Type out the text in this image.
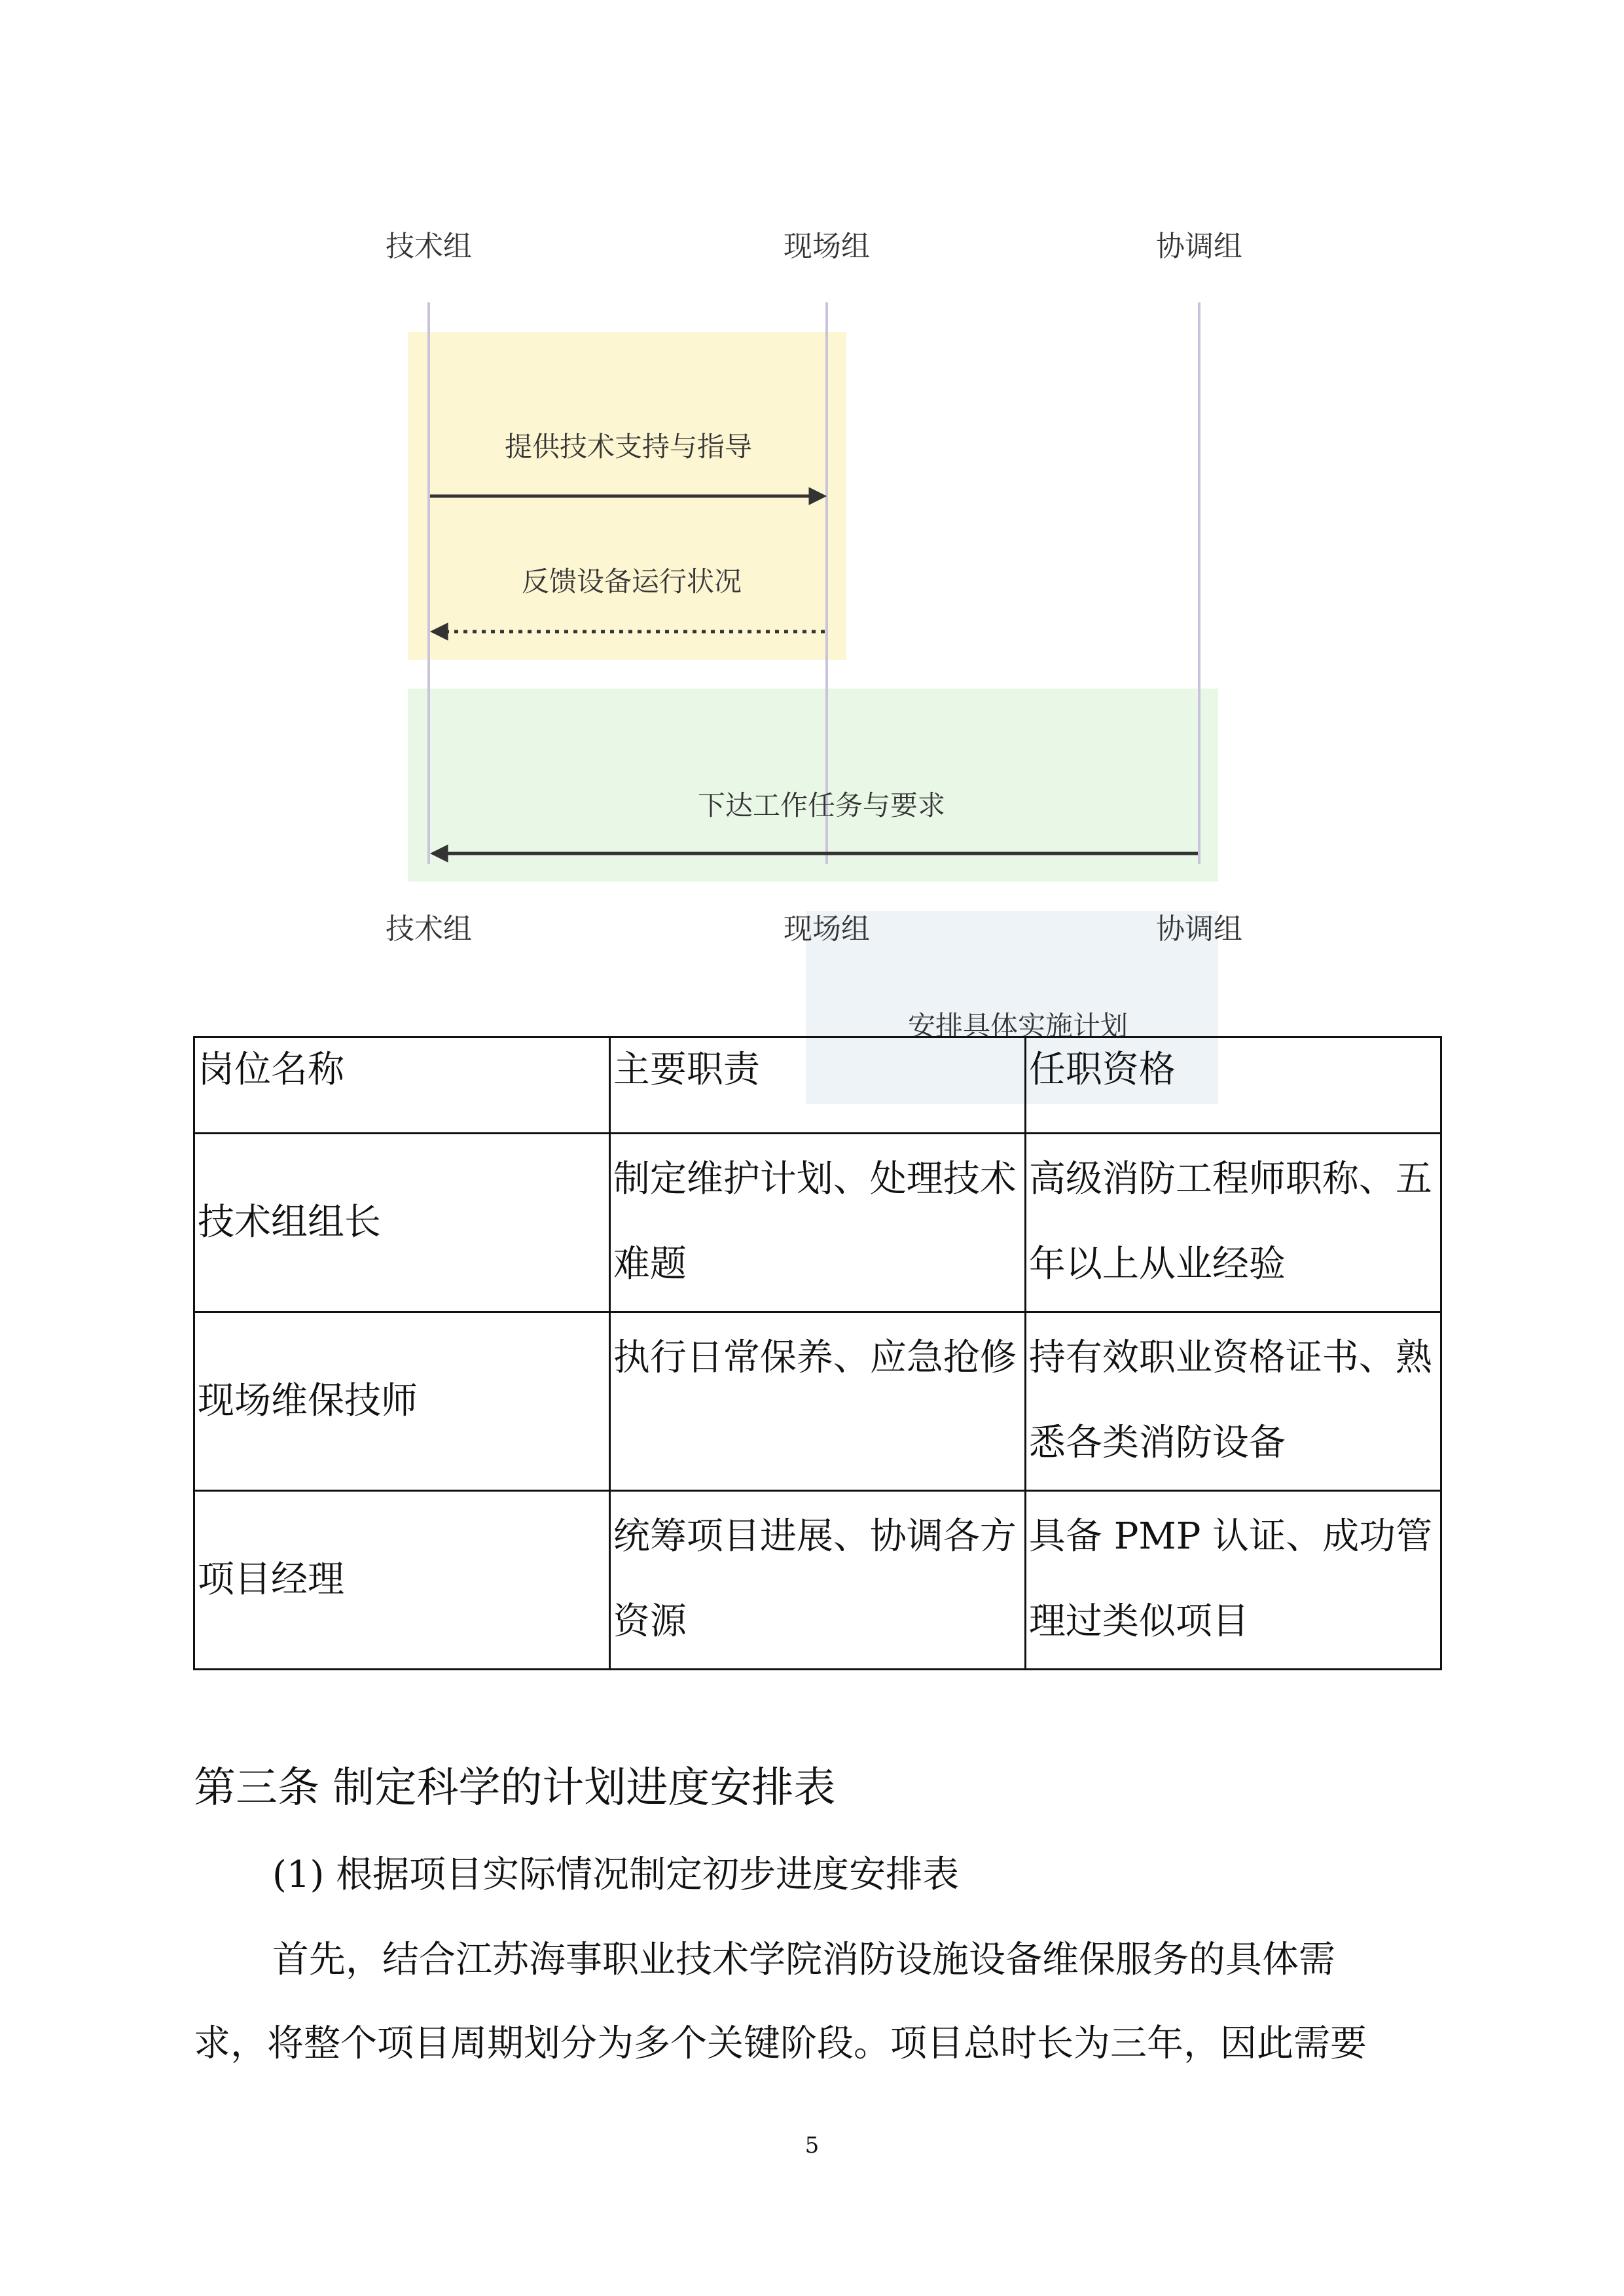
技术组	现场组	协调组
技术组	现场组	协调组
提供技术支持与指导
反馈设备运行状况
下达工作任务与要求
安排具体实施计划
岗位名称	主要职责	任职资格
技术组组长	制定维护计划、处理技术难题	高级消防工程师职称、五年以上从业经验
现场维保技师	执行日常保养、应急抢修	持有效职业资格证书、熟悉各类消防设备
项目经理	统筹项目进展、协调各方资源	具备 PMP 认证、成功管理过类似项目
第三条 制定科学的计划进度安排表
(1) 根据项目实际情况制定初步进度安排表
首先，结合江苏海事职业技术学院消防设施设备维保服务的具体需
求，将整个项目周期划分为多个关键阶段。项目总时长为三年，因此需要
5
